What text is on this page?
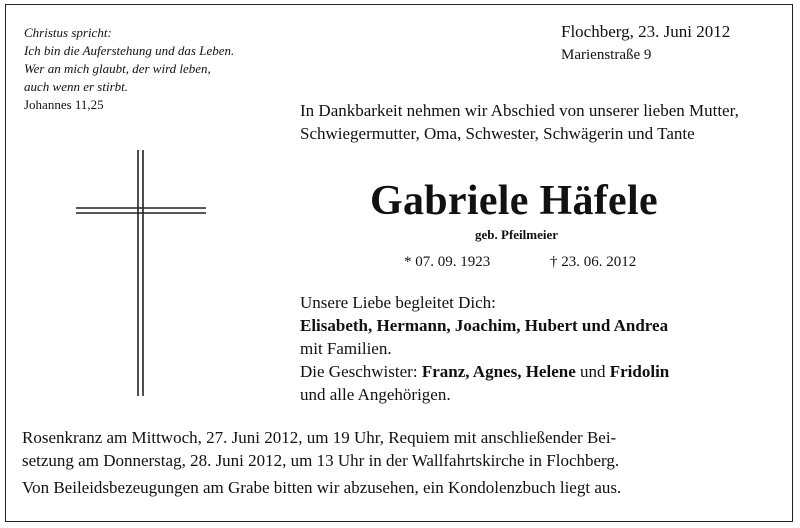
Christus spricht:
Ich bin die Auferstehung und das Leben.
Wer an mich glaubt, der wird leben,
auch wenn er stirbt.
Johannes 11,25
Flochberg, 23. Juni 2012
Marienstraße 9
In Dankbarkeit nehmen wir Abschied von unserer lieben Mutter, Schwiegermutter, Oma, Schwester, Schwägerin und Tante
Gabriele Häfele
geb. Pfeilmeier
* 07. 09. 1923	† 23. 06. 2012
Unsere Liebe begleitet Dich:
Elisabeth, Hermann, Joachim, Hubert und Andrea
mit Familien.
Die Geschwister: Franz, Agnes, Helene und Fridolin
und alle Angehörigen.
Rosenkranz am Mittwoch, 27. Juni 2012, um 19 Uhr, Requiem mit anschließender Bei-
setzung am Donnerstag, 28. Juni 2012, um 13 Uhr in der Wallfahrtskirche in Flochberg.
Von Beileidsbezeugungen am Grabe bitten wir abzusehen, ein Kondolenzbuch liegt aus.
